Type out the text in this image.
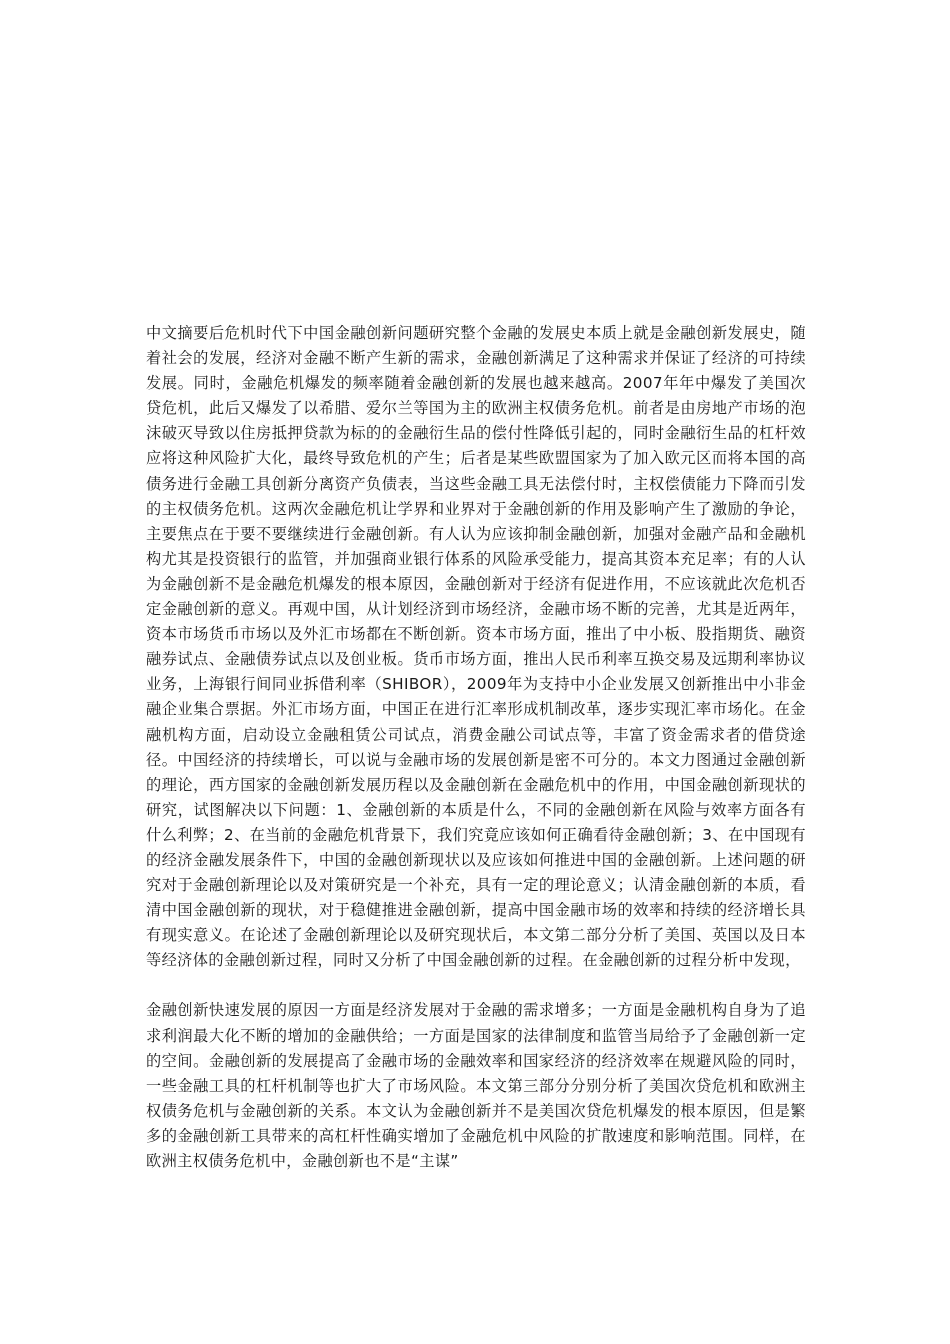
中文摘要后危机时代下中国金融创新问题研究整个金融的发展史本质上就是金融创新发展史，随着社会的发展，经济对金融不断产生新的需求，金融创新满足了这种需求并保证了经济的可持续发展。同时，金融危机爆发的频率随着金融创新的发展也越来越高。2007年年中爆发了美国次贷危机，此后又爆发了以希腊、爱尔兰等国为主的欧洲主权债务危机。前者是由房地产市场的泡沫破灭导致以住房抵押贷款为标的的金融衍生品的偿付性降低引起的，同时金融衍生品的杠杆效应将这种风险扩大化，最终导致危机的产生；后者是某些欧盟国家为了加入欧元区而将本国的高债务进行金融工具创新分离资产负债表，当这些金融工具无法偿付时，主权偿债能力下降而引发的主权债务危机。这两次金融危机让学界和业界对于金融创新的作用及影响产生了激励的争论，主要焦点在于要不要继续进行金融创新。有人认为应该抑制金融创新，加强对金融产品和金融机构尤其是投资银行的监管，并加强商业银行体系的风险承受能力，提高其资本充足率；有的人认为金融创新不是金融危机爆发的根本原因，金融创新对于经济有促进作用，不应该就此次危机否定金融创新的意义。再观中国，从计划经济到市场经济，金融市场不断的完善，尤其是近两年，资本市场货币市场以及外汇市场都在不断创新。资本市场方面，推出了中小板、股指期货、融资融券试点、金融债券试点以及创业板。货币市场方面，推出人民币利率互换交易及远期利率协议业务，上海银行间同业拆借利率（SHIBOR），2009年为支持中小企业发展又创新推出中小非金融企业集合票据。外汇市场方面，中国正在进行汇率形成机制改革，逐步实现汇率市场化。在金融机构方面，启动设立金融租赁公司试点，消费金融公司试点等，丰富了资金需求者的借贷途径。中国经济的持续增长，可以说与金融市场的发展创新是密不可分的。本文力图通过金融创新的理论，西方国家的金融创新发展历程以及金融创新在金融危机中的作用，中国金融创新现状的研究，试图解决以下问题：1、金融创新的本质是什么，不同的金融创新在风险与效率方面各有什么利弊；2、在当前的金融危机背景下，我们究竟应该如何正确看待金融创新；3、在中国现有的经济金融发展条件下，中国的金融创新现状以及应该如何推进中国的金融创新。上述问题的研究对于金融创新理论以及对策研究是一个补充，具有一定的理论意义；认清金融创新的本质，看清中国金融创新的现状，对于稳健推进金融创新，提高中国金融市场的效率和持续的经济增长具有现实意义。在论述了金融创新理论以及研究现状后，本文第二部分分析了美国、英国以及日本等经济体的金融创新过程，同时又分析了中国金融创新的过程。在金融创新的过程分析中发现，

金融创新快速发展的原因一方面是经济发展对于金融的需求增多；一方面是金融机构自身为了追求利润最大化不断的增加的金融供给；一方面是国家的法律制度和监管当局给予了金融创新一定的空间。金融创新的发展提高了金融市场的金融效率和国家经济的经济效率在规避风险的同时，一些金融工具的杠杆机制等也扩大了市场风险。本文第三部分分别分析了美国次贷危机和欧洲主权债务危机与金融创新的关系。本文认为金融创新并不是美国次贷危机爆发的根本原因，但是繁多的金融创新工具带来的高杠杆性确实增加了金融危机中风险的扩散速度和影响范围。同样，在欧洲主权债务危机中，金融创新也不是“主谋”
